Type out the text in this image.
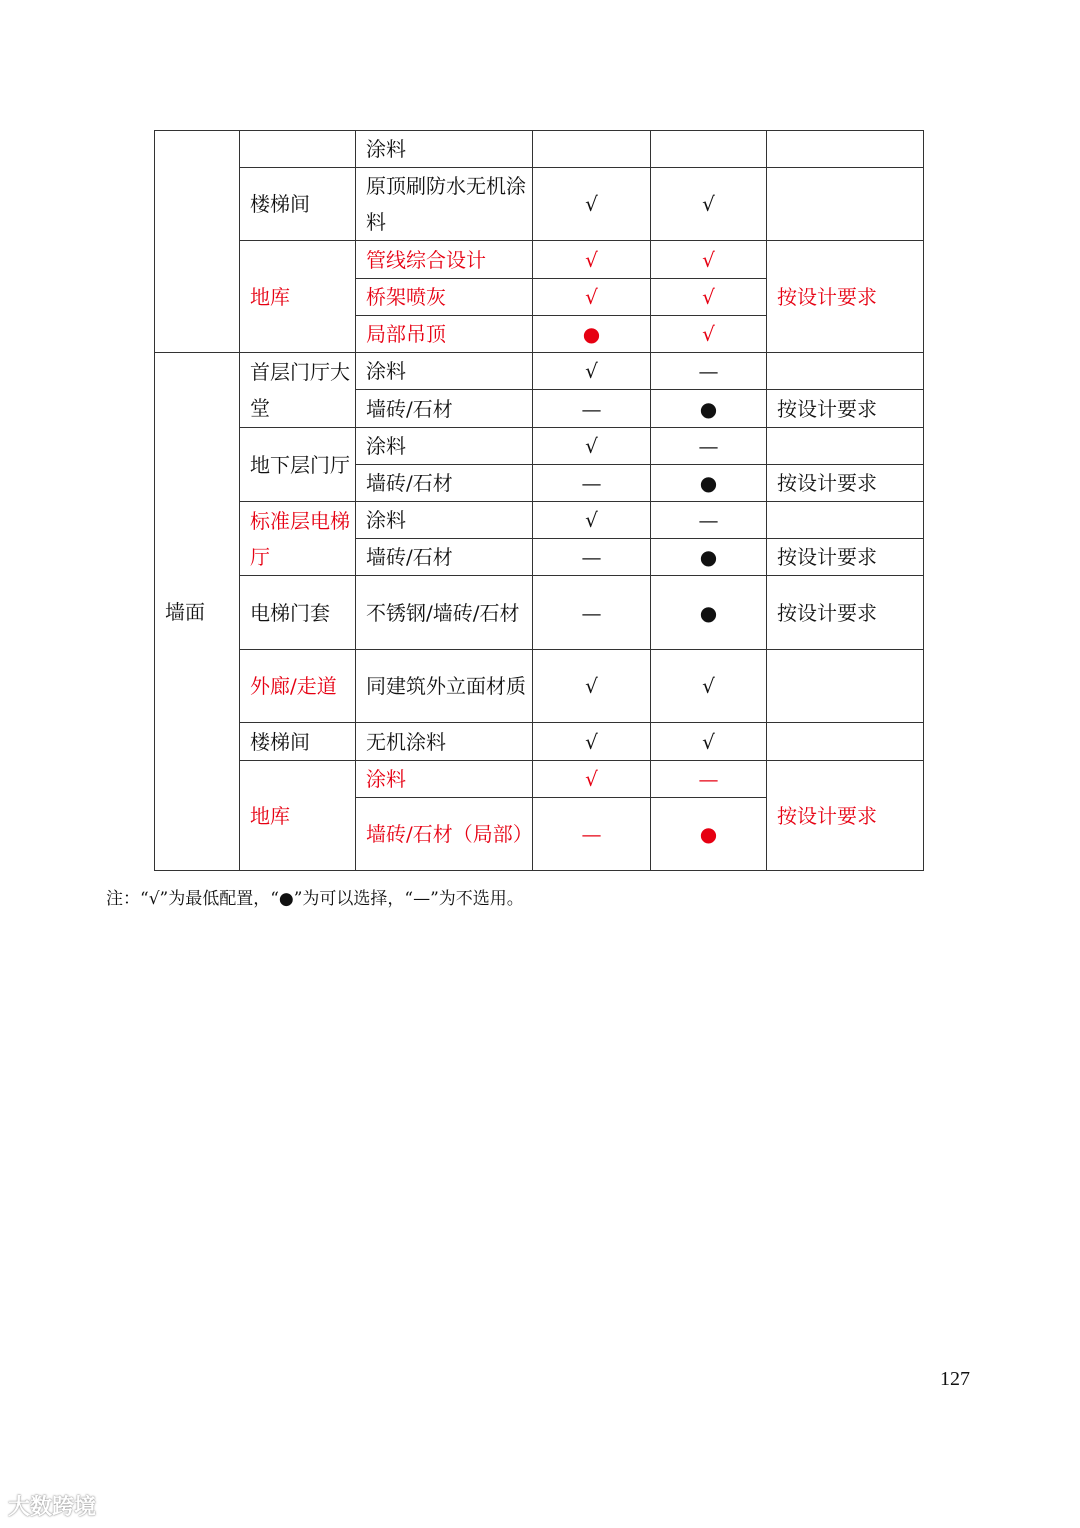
		涂料			
	楼梯间	原顶刷防水无机涂料	√	√	
	地库	管线综合设计	√	√	按设计要求
		桥架喷灰	√	√	
		局部吊顶	●	√	
墙面	首层门厅大堂	涂料	√	—	
		墙砖/石材	—	●	按设计要求
	地下层门厅	涂料	√	—	
		墙砖/石材	—	●	按设计要求
	标准层电梯厅	涂料	√	—	
		墙砖/石材	—	●	按设计要求
	电梯门套	不锈钢/墙砖/石材	—	●	按设计要求
	外廊/走道	同建筑外立面材质	√	√	
	楼梯间	无机涂料	√	√	
	地库	涂料	√	—	按设计要求
		墙砖/石材（局部）	—	●	
注：“√”为最低配置，“●”为可以选择，“—”为不选用。
127
大数跨境
